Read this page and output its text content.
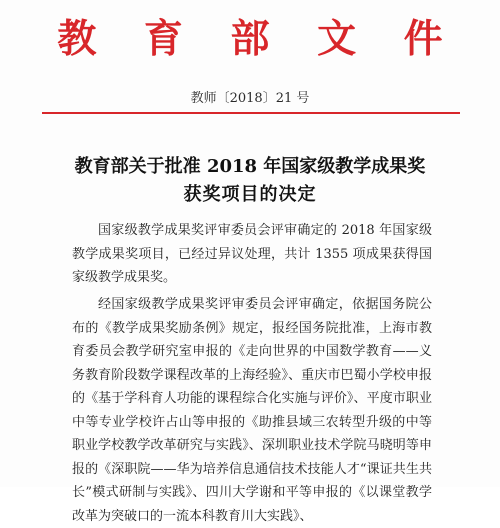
教 育 部 文 件
教师〔2018〕21 号
教育部关于批准 2018 年国家级教学成果奖
获奖项目的决定

国家级教学成果奖评审委员会评审确定的 2018 年国家级教学成果奖项目，已经过异议处理，共计 1355 项成果获得国家级教学成果奖。

经国家级教学成果奖评审委员会评审确定，依据国务院公布的《教学成果奖励条例》规定，报经国务院批准，上海市教育委员会教学研究室申报的《走向世界的中国数学教育——义务教育阶段数学课程改革的上海经验》、重庆市巴蜀小学校申报的《基于学科育人功能的课程综合化实施与评价》、平度市职业中等专业学校许占山等申报的《助推县域三农转型升级的中等职业学校教学改革研究与实践》、深圳职业技术学院马晓明等申报的《深职院——华为培养信息通信技术技能人才“课证共生共长”模式研制与实践》、四川大学谢和平等申报的《以课堂教学改革为突破口的一流本科教育川大实践》、
